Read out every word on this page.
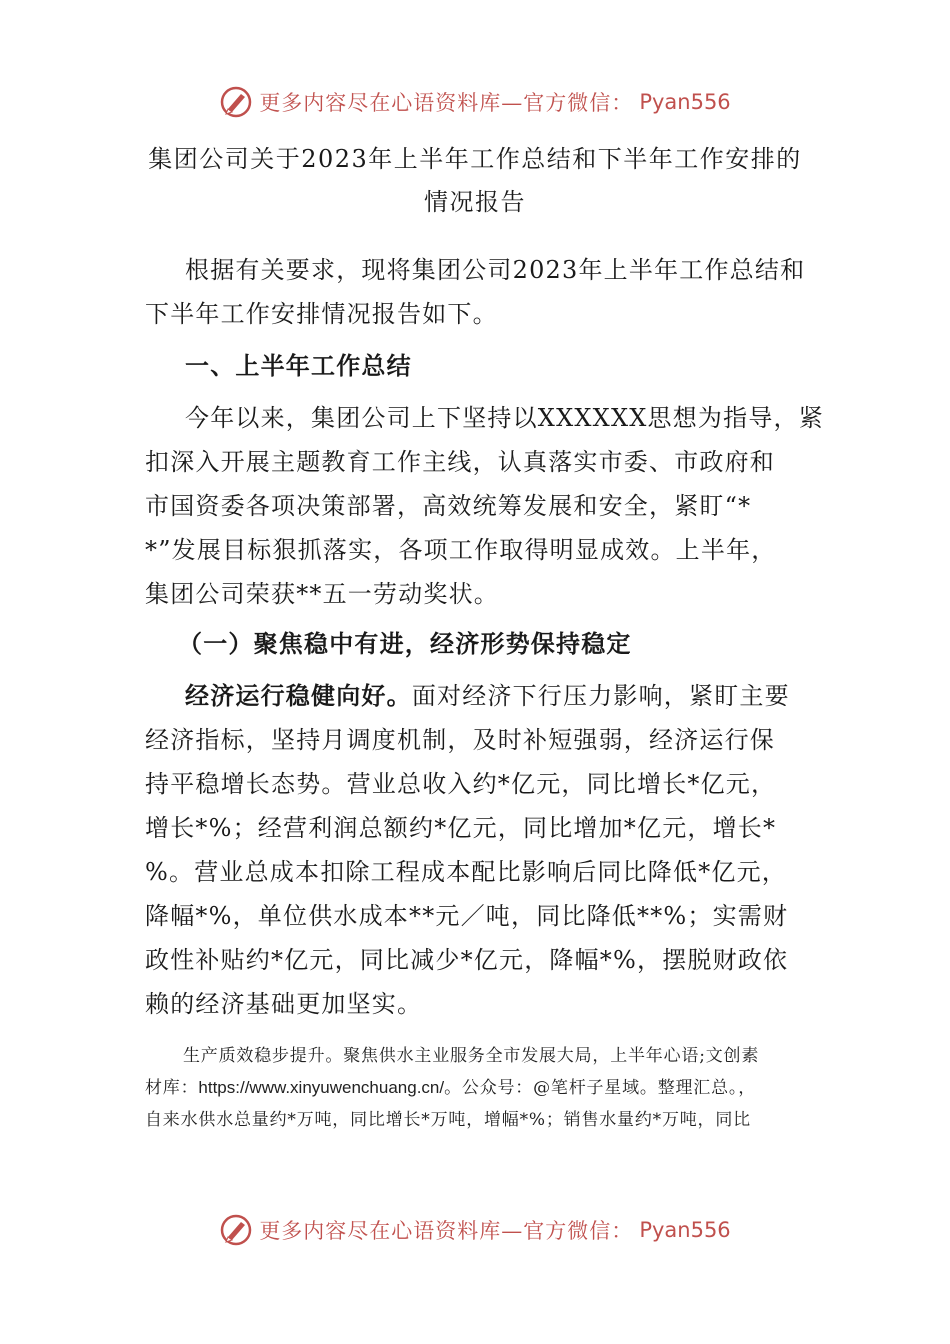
更多内容尽在心语资料库—官方微信： Pyan556
集团公司关于2023年上半年工作总结和下半年工作安排的
情况报告
根据有关要求，现将集团公司2023年上半年工作总结和
下半年工作安排情况报告如下。
一、上半年工作总结
今年以来，集团公司上下坚持以XXXXXX思想为指导，紧
扣深入开展主题教育工作主线，认真落实市委、市政府和
市国资委各项决策部署，高效统筹发展和安全，紧盯“*
*”发展目标狠抓落实，各项工作取得明显成效。上半年，
集团公司荣获**五一劳动奖状。
（一）聚焦稳中有进，经济形势保持稳定
经济运行稳健向好。面对经济下行压力影响，紧盯主要
经济指标，坚持月调度机制，及时补短强弱，经济运行保
持平稳增长态势。营业总收入约*亿元，同比增长*亿元，
增长*%；经营利润总额约*亿元，同比增加*亿元，增长*
%。营业总成本扣除工程成本配比影响后同比降低*亿元，
降幅*%，单位供水成本**元／吨，同比降低**%；实需财
政性补贴约*亿元，同比减少*亿元，降幅*%，摆脱财政依
赖的经济基础更加坚实。
生产质效稳步提升。聚焦供水主业服务全市发展大局，上半年心语;文创素
材库：https://www.xinyuwenchuang.cn/。公众号：@笔杆子星域。整理汇总。，
自来水供水总量约*万吨，同比增长*万吨，增幅*%；销售水量约*万吨，同比
更多内容尽在心语资料库—官方微信： Pyan556
